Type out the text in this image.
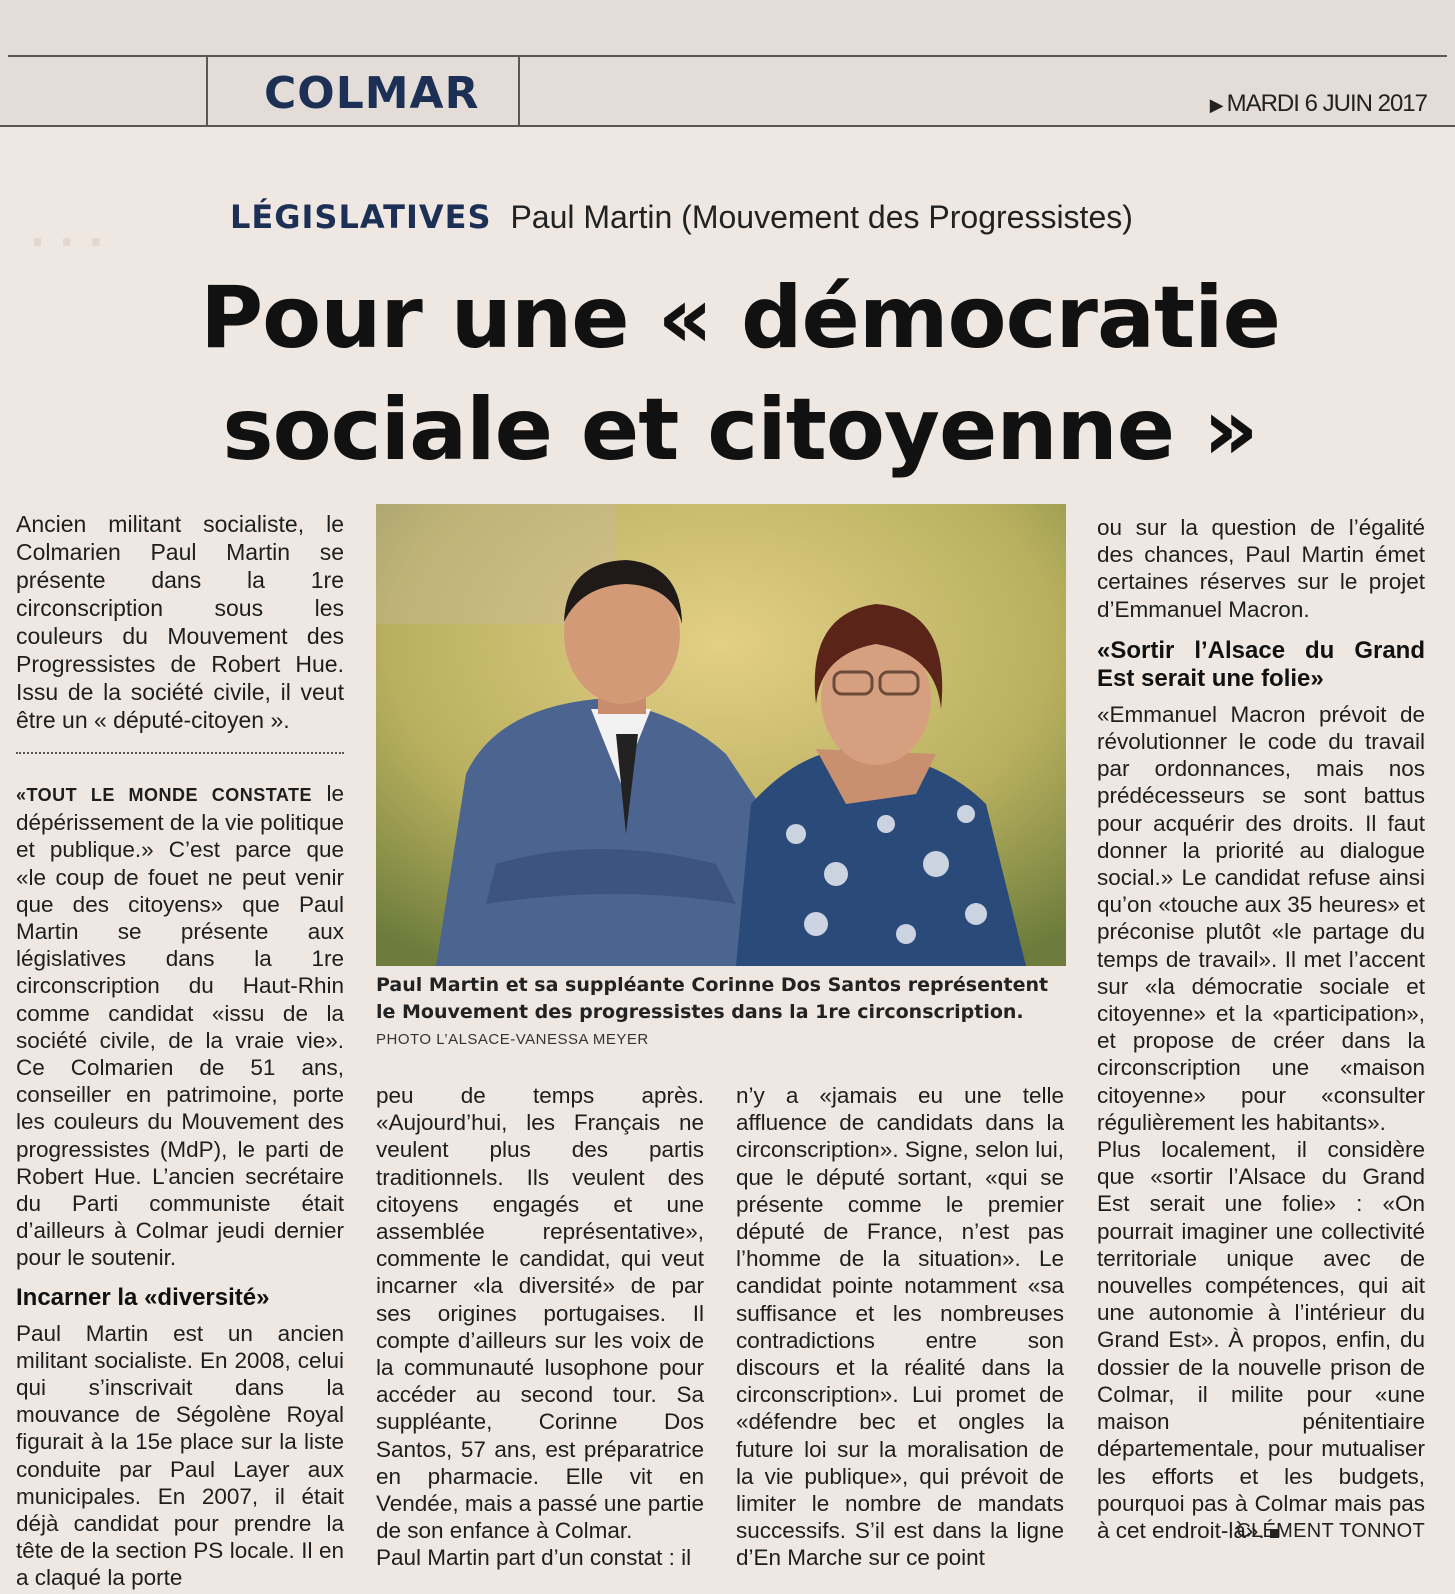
. . .
COLMAR
▶	MARDI 6 JUIN 2017
LÉGISLATIVES Paul Martin (Mouvement des Progressistes)
Pour une « démocratie
sociale et citoyenne »

Ancien militant socialiste, le Colmarien Paul Martin se présente dans la 1re circonscription sous les couleurs du Mouvement des Progressistes de Robert Hue. Issu de la société civile, il veut être un « député-citoyen ».

«TOUT LE MONDE CONSTATE le dépérissement de la vie politique et publique.» C’est parce que «le coup de fouet ne peut venir que des citoyens» que Paul Martin se présente aux législatives dans la 1re circonscription du Haut-Rhin comme candidat «issu de la société civile, de la vraie vie». Ce Colmarien de 51 ans, conseiller en patrimoine, porte les couleurs du Mouvement des progressistes (MdP), le parti de Robert Hue. L’ancien secrétaire du Parti communiste était d’ailleurs à Colmar jeudi dernier pour le soutenir.

Incarner la «diversité»

Paul Martin est un ancien militant socialiste. En 2008, celui qui s’inscrivait dans la mouvance de Ségolène Royal figurait à la 15e place sur la liste conduite par Paul Layer aux municipales. En 2007, il était déjà candidat pour prendre la tête de la section PS locale. Il en a claqué la porte

Paul Martin et sa suppléante Corinne Dos Santos représentent le Mouvement des progressistes dans la 1re circonscription.
PHOTO L’ALSACE-VANESSA MEYER

peu de temps après. «Aujourd’hui, les Français ne veulent plus des partis traditionnels. Ils veulent des citoyens engagés et une assemblée représentative», commente le candidat, qui veut incarner «la diversité» de par ses origines portugaises. Il compte d’ailleurs sur les voix de la communauté lusophone pour accéder au second tour. Sa suppléante, Corinne Dos Santos, 57 ans, est préparatrice en pharmacie. Elle vit en Vendée, mais a passé une partie de son enfance à Colmar.

Paul Martin part d’un constat : il

n’y a «jamais eu une telle affluence de candidats dans la circonscription». Signe, selon lui, que le député sortant, «qui se présente comme le premier député de France, n’est pas l’homme de la situation». Le candidat pointe notamment «sa suffisance et les nombreuses contradictions entre son discours et la réalité dans la circonscription». Lui promet de «défendre bec et ongles la future loi sur la moralisation de la vie publique», qui prévoit de limiter le nombre de mandats successifs. S’il est dans la ligne d’En Marche sur ce point

ou sur la question de l’égalité des chances, Paul Martin émet certaines réserves sur le projet d’Emmanuel Macron.

«Sortir l’Alsace du Grand Est serait une folie»

«Emmanuel Macron prévoit de révolutionner le code du travail par ordonnances, mais nos prédécesseurs se sont battus pour acquérir des droits. Il faut donner la priorité au dialogue social.» Le candidat refuse ainsi qu’on «touche aux 35 heures» et préconise plutôt «le partage du temps de travail». Il met l’accent sur «la démocratie sociale et citoyenne» et la «participation», et propose de créer dans la circonscription une «maison citoyenne» pour «consulter régulièrement les habitants».

Plus localement, il considère que «sortir l’Alsace du Grand Est serait une folie» : «On pourrait imaginer une collectivité territoriale unique avec de nouvelles compétences, qui ait une autonomie à l’intérieur du Grand Est». À propos, enfin, du dossier de la nouvelle prison de Colmar, il milite pour «une maison pénitentiaire départementale, pour mutualiser les efforts et les budgets, pourquoi pas à Colmar mais pas à cet endroit-là».

CLÉMENT TONNOT
